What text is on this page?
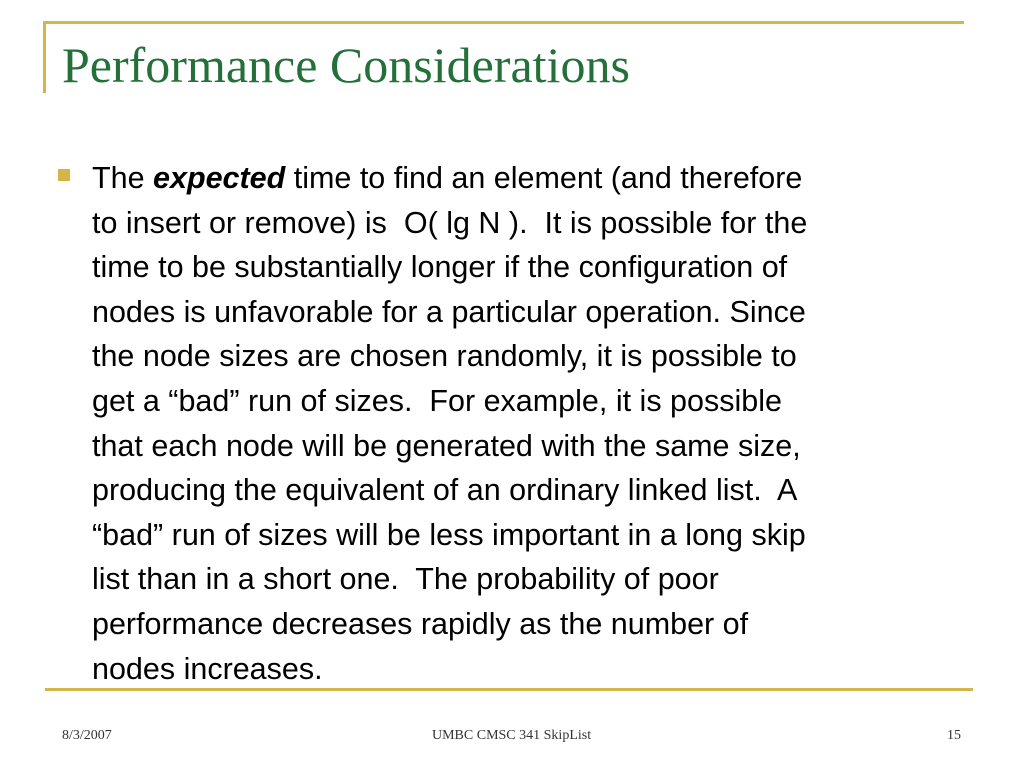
Performance Considerations

The expected time to find an element (and therefore
to insert or remove) is  O( lg N ).  It is possible for the
time to be substantially longer if the configuration of
nodes is unfavorable for a particular operation. Since
the node sizes are chosen randomly, it is possible to
get a “bad” run of sizes.  For example, it is possible
that each node will be generated with the same size,
producing the equivalent of an ordinary linked list.  A
“bad” run of sizes will be less important in a long skip
list than in a short one.  The probability of poor
performance decreases rapidly as the number of
nodes increases.

8/3/2007	UMBC CMSC 341 SkipList	15
